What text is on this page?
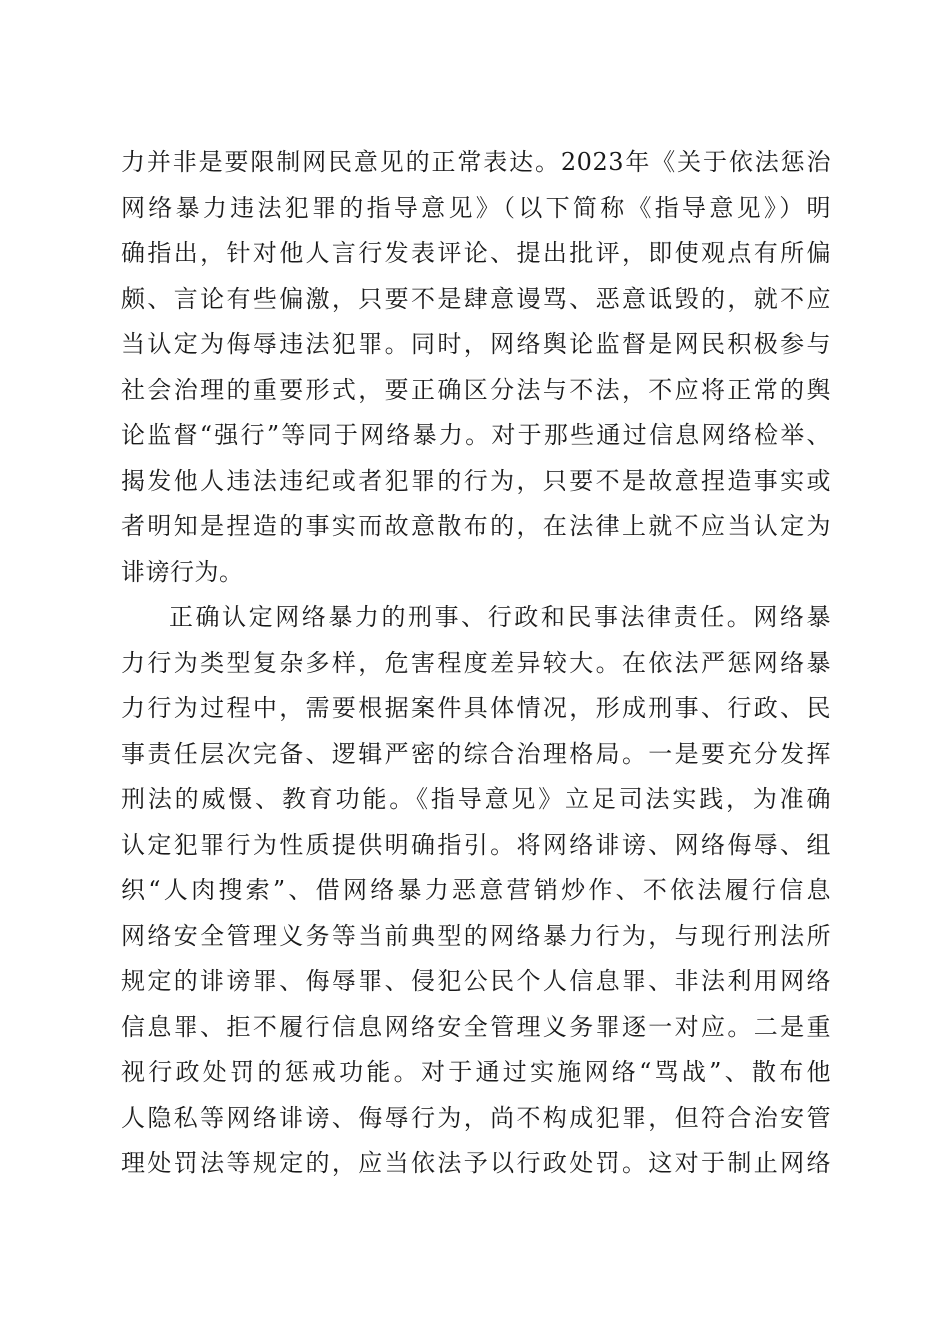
力并非是要限制网民意见的正常表达。2023年《关于依法惩治
网络暴力违法犯罪的指导意见》（以下简称《指导意见》）明
确指出，针对他人言行发表评论、提出批评，即使观点有所偏
颇、言论有些偏激，只要不是肆意谩骂、恶意诋毁的，就不应
当认定为侮辱违法犯罪。同时，网络舆论监督是网民积极参与
社会治理的重要形式，要正确区分法与不法，不应将正常的舆
论监督“强行”等同于网络暴力。对于那些通过信息网络检举、
揭发他人违法违纪或者犯罪的行为，只要不是故意捏造事实或
者明知是捏造的事实而故意散布的，在法律上就不应当认定为
诽谤行为。
正确认定网络暴力的刑事、行政和民事法律责任。网络暴
力行为类型复杂多样，危害程度差异较大。在依法严惩网络暴
力行为过程中，需要根据案件具体情况，形成刑事、行政、民
事责任层次完备、逻辑严密的综合治理格局。一是要充分发挥
刑法的威慑、教育功能。《指导意见》立足司法实践，为准确
认定犯罪行为性质提供明确指引。将网络诽谤、网络侮辱、组
织“人肉搜索”、借网络暴力恶意营销炒作、不依法履行信息
网络安全管理义务等当前典型的网络暴力行为，与现行刑法所
规定的诽谤罪、侮辱罪、侵犯公民个人信息罪、非法利用网络
信息罪、拒不履行信息网络安全管理义务罪逐一对应。二是重
视行政处罚的惩戒功能。对于通过实施网络“骂战”、散布他
人隐私等网络诽谤、侮辱行为，尚不构成犯罪，但符合治安管
理处罚法等规定的，应当依法予以行政处罚。这对于制止网络
